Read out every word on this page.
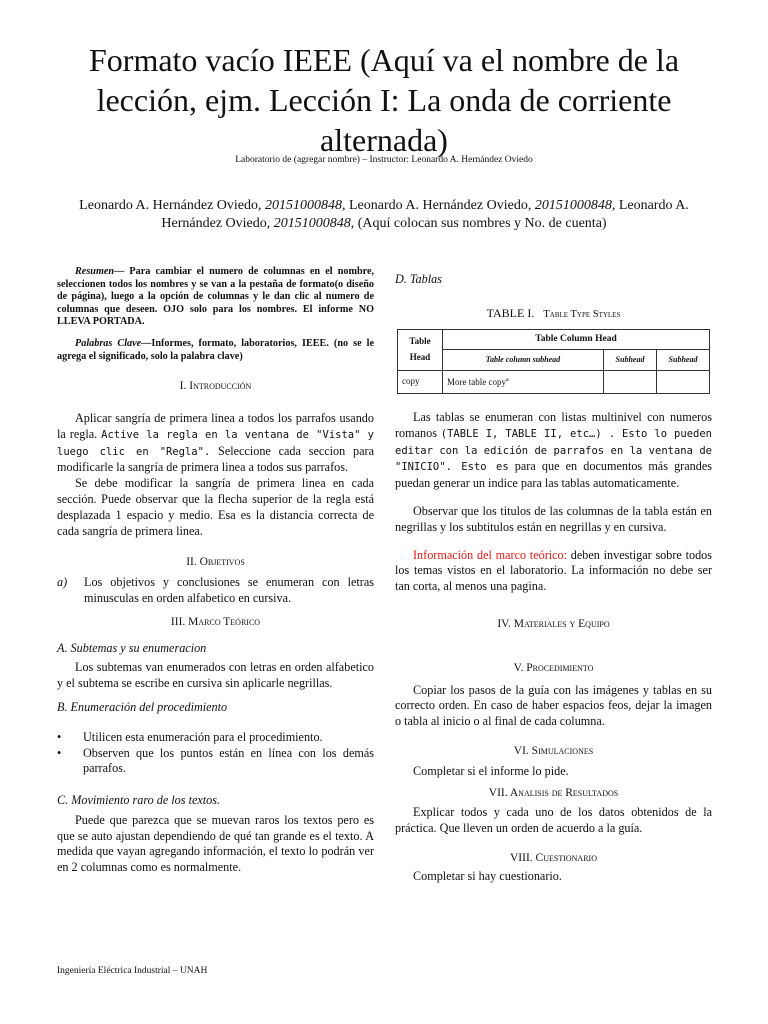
Formato vacío IEEE (Aquí va el nombre de la lección, ejm. Lección I: La onda de corriente alternada)
Laboratorio de (agregar nombre) – Instructor: Leonardo A. Hernández Oviedo
Leonardo A. Hernández Oviedo, 20151000848, Leonardo A. Hernández Oviedo, 20151000848, Leonardo A. Hernández Oviedo, 20151000848, (Aquí colocan sus nombres y No. de cuenta)

Resumen— Para cambiar el numero de columnas en el nombre, seleccionen todos los nombres y se van a la pestaña de formato(o diseño de página), luego a la opción de columnas y le dan clic al numero de columnas que deseen. OJO solo para los nombres. El informe NO LLEVA PORTADA.

Palabras Clave—Informes, formato, laboratorios, IEEE. (no se le agrega el significado, solo la palabra clave)

I. Introducción

Aplicar sangría de primera linea a todos los parrafos usando la regla. Active la regla en la ventana de "Vista" y luego clic en "Regla". Seleccione cada seccion para modificarle la sangría de primera linea a todos sus parrafos.

Se debe modificar la sangría de primera linea en cada sección. Puede observar que la flecha superior de la regla está desplazada 1 espacio y medio. Esa es la distancia correcta de cada sangría de primera linea.

II. Objetivos

a)	Los objetivos y conclusiones se enumeran con letras minusculas en orden alfabetico en cursiva.

III. Marco Teórico

A. Subtemas y su enumeracion

Los subtemas van enumerados con letras en orden alfabetico y el subtema se escribe en cursiva sin aplicarle negrillas.

B. Enumeración del procedimiento

•	Utilicen esta enumeración para el procedimiento.
•	Observen que los puntos están en línea con los demás parrafos.

C. Movimiento raro de los textos.

Puede que parezca que se muevan raros los textos pero es que se auto ajustan dependiendo de qué tan grande es el texto. A medida que vayan agregando información, el texto lo podrán ver en 2 columnas como es normalmente.

D. Tablas

TABLE I. Table Type Styles

Table Head	Table Column Head		
	Table column subhead	Subhead	Subhead
copy	More table copy$^a$		

Las tablas se enumeran con listas multinivel con numeros romanos (TABLE I, TABLE II, etc…) . Esto lo pueden editar con la edición de parrafos en la ventana de "INICIO". Esto es para que en documentos más grandes puedan generar un indice para las tablas automaticamente.

Observar que los titulos de las columnas de la tabla están en negrillas y los subtitulos están en negrillas y en cursiva.

Información del marco teórico: deben investigar sobre todos los temas vistos en el laboratorio. La información no debe ser tan corta, al menos una pagina.

IV. Materiales y Equipo

V. Procedimiento

Copiar los pasos de la guía con las imágenes y tablas en su correcto orden. En caso de haber espacios feos, dejar la imagen o tabla al inicio o al final de cada columna.

VI. Simulaciones

Completar si el informe lo pide.

VII. Analisis de Resultados

Explicar todos y cada uno de los datos obtenidos de la práctica. Que lleven un orden de acuerdo a la guía.

VIII. Cuestionario

Completar si hay cuestionario.

Ingeniería Eléctrica Industrial – UNAH
